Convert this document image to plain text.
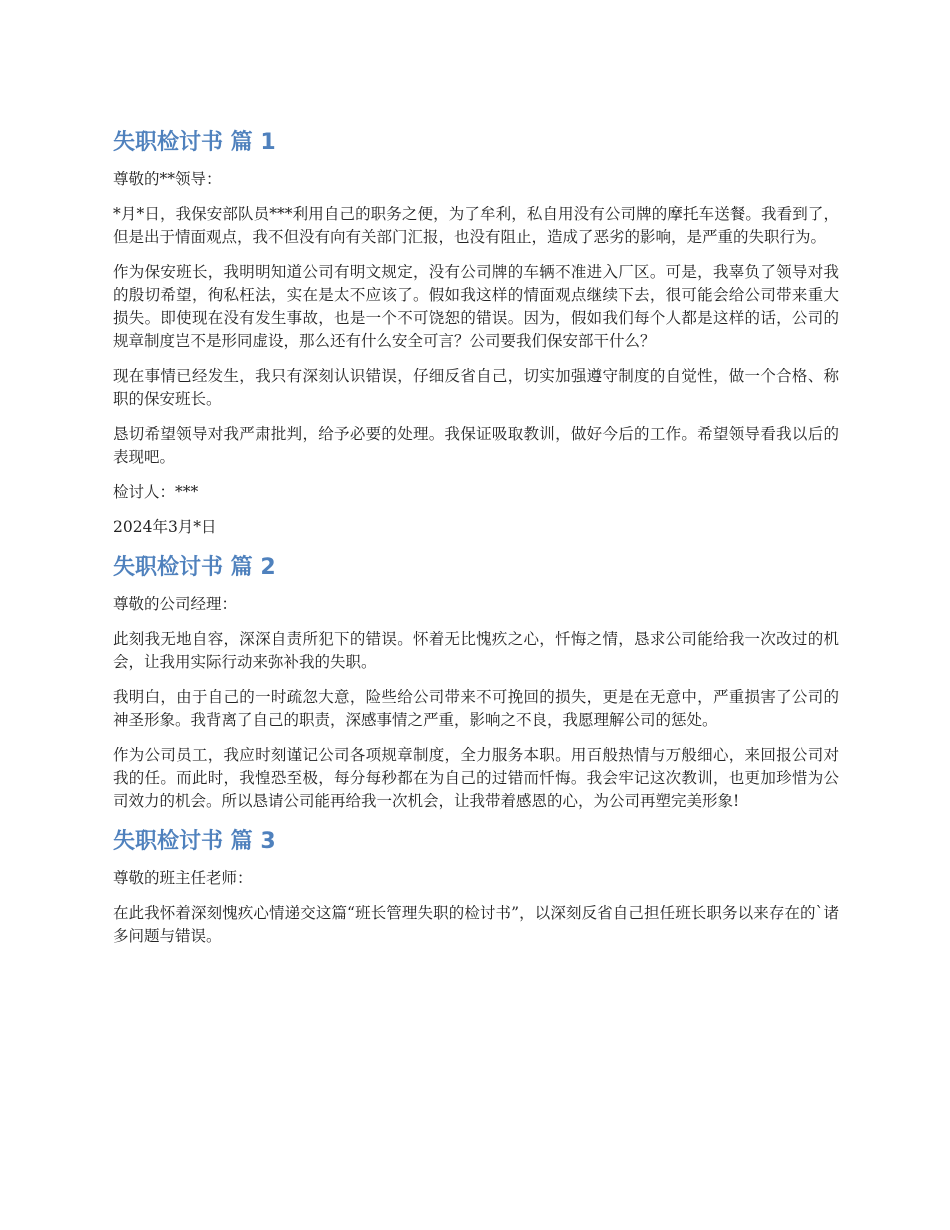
失职检讨书 篇 1

尊敬的**领导：

*月*日，我保安部队员***利用自己的职务之便，为了牟利，私自用没有公司牌的摩托车送餐。我看到了，但是出于情面观点，我不但没有向有关部门汇报，也没有阻止，造成了恶劣的影响，是严重的失职行为。

作为保安班长，我明明知道公司有明文规定，没有公司牌的车辆不准进入厂区。可是，我辜负了领导对我的殷切希望，徇私枉法，实在是太不应该了。假如我这样的情面观点继续下去，很可能会给公司带来重大损失。即使现在没有发生事故，也是一个不可饶恕的错误。因为，假如我们每个人都是这样的话，公司的规章制度岂不是形同虚设，那么还有什么安全可言？公司要我们保安部干什么？

现在事情已经发生，我只有深刻认识错误，仔细反省自己，切实加强遵守制度的自觉性，做一个合格、称职的保安班长。

恳切希望领导对我严肃批判，给予必要的处理。我保证吸取教训，做好今后的工作。希望领导看我以后的表现吧。

检讨人：***

2024年3月*日

失职检讨书 篇 2

尊敬的公司经理：

此刻我无地自容，深深自责所犯下的错误。怀着无比愧疚之心，忏悔之情，恳求公司能给我一次改过的机会，让我用实际行动来弥补我的失职。

我明白，由于自己的一时疏忽大意，险些给公司带来不可挽回的损失，更是在无意中，严重损害了公司的神圣形象。我背离了自己的职责，深感事情之严重，影响之不良，我愿理解公司的惩处。

作为公司员工，我应时刻谨记公司各项规章制度，全力服务本职。用百般热情与万般细心，来回报公司对我的任。而此时，我惶恐至极，每分每秒都在为自己的过错而忏悔。我会牢记这次教训，也更加珍惜为公司效力的机会。所以恳请公司能再给我一次机会，让我带着感恩的心，为公司再塑完美形象!

失职检讨书 篇 3

尊敬的班主任老师：

在此我怀着深刻愧疚心情递交这篇“班长管理失职的检讨书”，以深刻反省自己担任班长职务以来存在的`诸多问题与错误。
